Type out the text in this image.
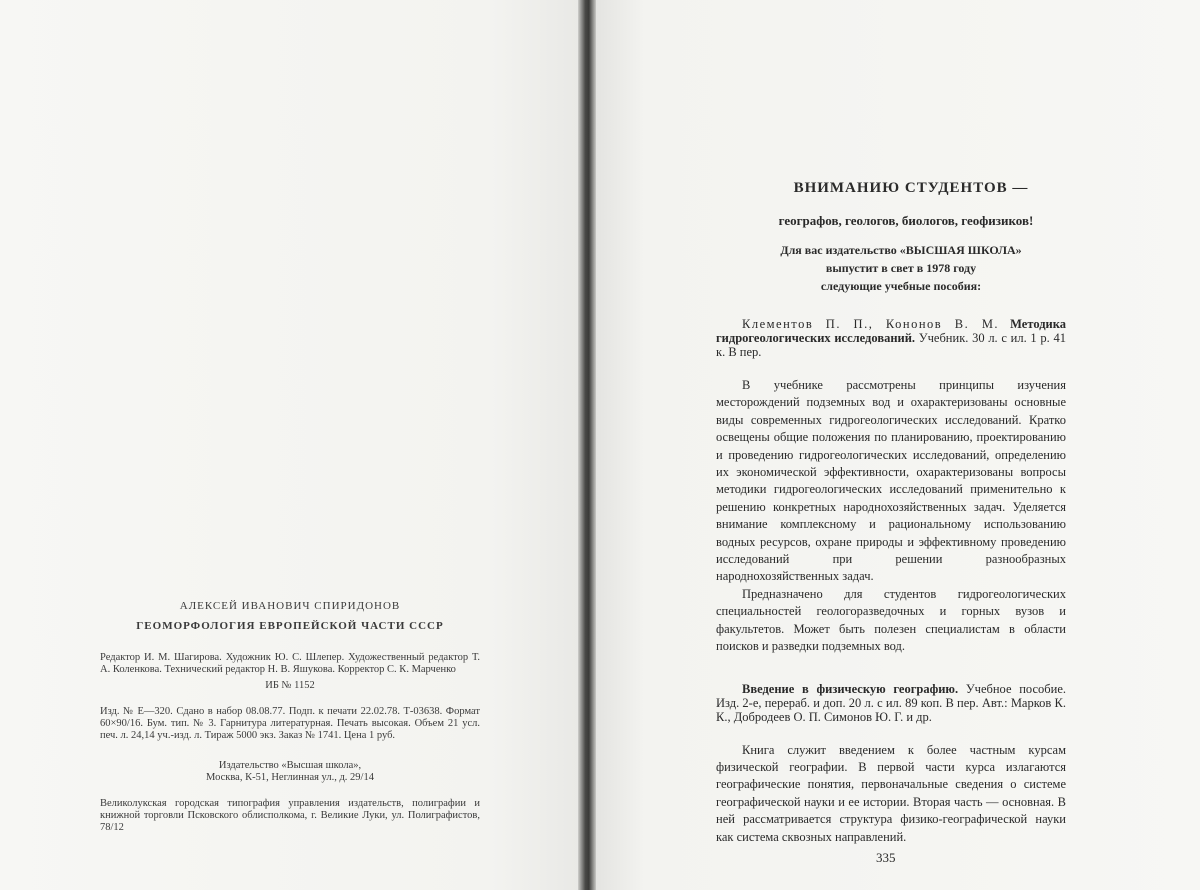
АЛЕКСЕЙ ИВАНОВИЧ СПИРИДОНОВ
ГЕОМОРФОЛОГИЯ ЕВРОПЕЙСКОЙ ЧАСТИ СССР
Редактор И. М. Шагирова. Художник Ю. С. Шлепер. Художественный редактор Т. А. Коленкова. Технический редактор Н. В. Яшукова. Корректор С. К. Марченко
ИБ № 1152
Изд. № Е—320. Сдано в набор 08.08.77. Подп. к печати 22.02.78. Т-03638. Формат 60×90/16. Бум. тип. № 3. Гарнитура литературная. Печать высокая. Объем 21 усл. печ. л. 24,14 уч.-изд. л. Тираж 5000 экз. Заказ № 1741. Цена 1 руб.
Издательство «Высшая школа»,
Москва, К-51, Неглинная ул., д. 29/14
Великолукская городская типография управления издательств, полиграфии и книжной торговли Псковского облисполкома, г. Великие Луки, ул. Полиграфистов, 78/12
ВНИМАНИЮ СТУДЕНТОВ —
географов, геологов, биологов, геофизиков!
Для вас издательство «ВЫСШАЯ ШКОЛА»
выпустит в свет в 1978 году
следующие учебные пособия:
Клементов П. П., Кононов В. М. Методика гидрогеологических исследований. Учебник. 30 л. с ил. 1 р. 41 к. В пер.

В учебнике рассмотрены принципы изучения месторождений подземных вод и охарактеризованы основные виды современных гидрогеологических исследований. Кратко освещены общие положения по планированию, проектированию и проведению гидрогеологических исследований, определению их экономической эффективности, охарактеризованы вопросы методики гидрогеологических исследований применительно к решению конкретных народнохозяйственных задач. Уделяется внимание комплексному и рациональному использованию водных ресурсов, охране природы и эффективному проведению исследований при решении разнообразных народнохозяйственных задач.

Предназначено для студентов гидрогеологических специальностей геологоразведочных и горных вузов и факультетов. Может быть полезен специалистам в области поисков и разведки подземных вод.

Введение в физическую географию. Учебное пособие. Изд. 2-е, перераб. и доп. 20 л. с ил. 89 коп. В пер. Авт.: Марков К. К., Добродеев О. П. Симонов Ю. Г. и др.

Книга служит введением к более частным курсам физической географии. В первой части курса излагаются географические понятия, первоначальные сведения о системе географической науки и ее истории. Вторая часть — основная. В ней рассматривается структура физико-географической науки как система сквозных направлений.

335
